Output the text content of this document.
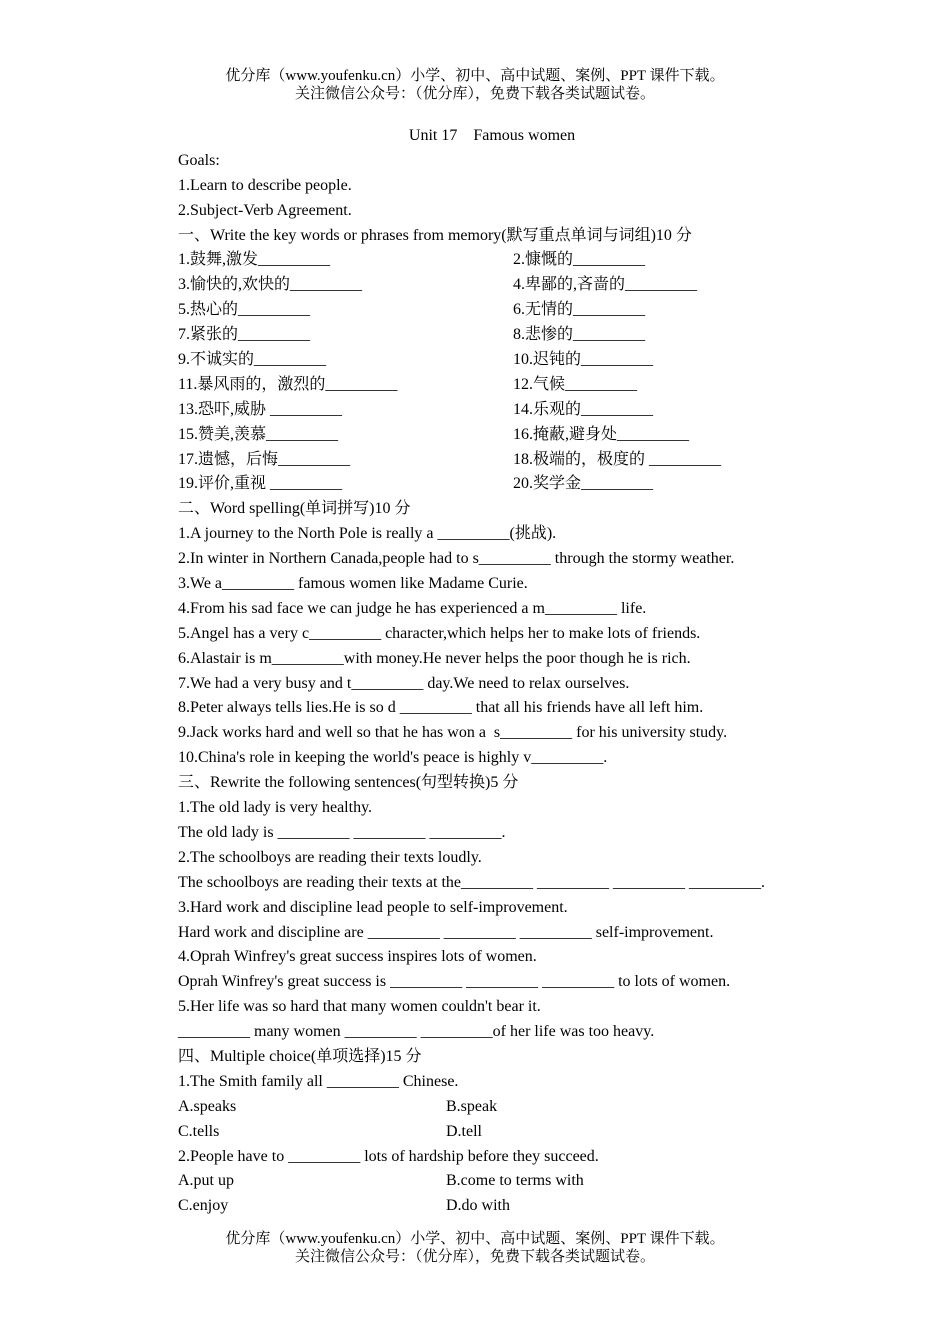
优分库（www.youfenku.cn）小学、初中、高中试题、案例、PPT 课件下载。
关注微信公众号：（优分库），免费下载各类试题试卷。
Unit 17    Famous women
Goals:
1.Learn to describe people.
2.Subject-Verb Agreement.
一、Write the key words or phrases from memory(默写重点单词与词组)10 分
1.鼓舞,激发_________	2.慷慨的_________
3.愉快的,欢快的_________	4.卑鄙的,吝啬的_________
5.热心的_________	6.无情的_________
7.紧张的_________	8.悲惨的_________
9.不诚实的_________	10.迟钝的_________
11.暴风雨的，激烈的_________	12.气候_________
13.恐吓,威胁 _________	14.乐观的_________
15.赞美,羡慕_________	16.掩蔽,避身处_________
17.遗憾，后悔_________	18.极端的，极度的 _________
19.评价,重视 _________	20.奖学金_________
二、Word spelling(单词拼写)10 分
1.A journey to the North Pole is really a _________(挑战).
2.In winter in Northern Canada,people had to s_________ through the stormy weather.
3.We a_________ famous women like Madame Curie.
4.From his sad face we can judge he has experienced a m_________ life.
5.Angel has a very c_________ character,which helps her to make lots of friends.
6.Alastair is m_________with money.He never helps the poor though he is rich.
7.We had a very busy and t_________ day.We need to relax ourselves.
8.Peter always tells lies.He is so d _________ that all his friends have all left him.
9.Jack works hard and well so that he has won a  s_________ for his university study.
10.China's role in keeping the world's peace is highly v_________.
三、Rewrite the following sentences(句型转换)5 分
1.The old lady is very healthy.
The old lady is _________ _________ _________.
2.The schoolboys are reading their texts loudly.
The schoolboys are reading their texts at the_________ _________ _________ _________.
3.Hard work and discipline lead people to self-improvement.
Hard work and discipline are _________ _________ _________ self-improvement.
4.Oprah Winfrey's great success inspires lots of women.
Oprah Winfrey's great success is _________ _________ _________ to lots of women.
5.Her life was so hard that many women couldn't bear it.
_________ many women _________ _________of her life was too heavy.
四、Multiple choice(单项选择)15 分
1.The Smith family all _________ Chinese.
A.speaks	B.speak
C.tells	D.tell
2.People have to _________ lots of hardship before they succeed.
A.put up	B.come to terms with
C.enjoy	D.do with
优分库（www.youfenku.cn）小学、初中、高中试题、案例、PPT 课件下载。
关注微信公众号：（优分库），免费下载各类试题试卷。
